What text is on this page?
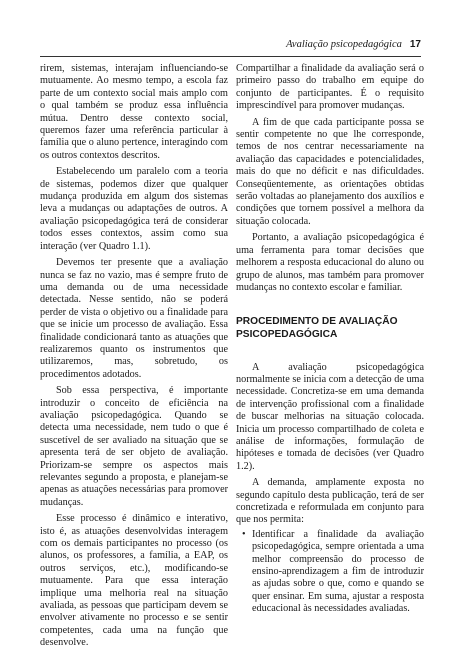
Avaliação psicopedagógica 17

rirem, sistemas, interajam influenciando-se mutuamente. Ao mesmo tempo, a escola faz parte de um contexto social mais amplo com o qual também se produz essa influência mútua. Dentro desse contexto social, queremos fazer uma referência particular à família que o aluno pertence, interagindo com os outros contextos descritos.

Estabelecendo um paralelo com a teoria de sistemas, podemos dizer que qualquer mudança produzida em algum dos sistemas leva a mudanças ou adaptações de outros. A avaliação psicopedagógica terá de considerar todos esses contextos, assim como sua interação (ver Quadro 1.1).

Devemos ter presente que a avaliação nunca se faz no vazio, mas é sempre fruto de uma demanda ou de uma necessidade detectada. Nesse sentido, não se poderá perder de vista o objetivo ou a finalidade para que se inicie um processo de avaliação. Essa finalidade condicionará tanto as atuações que realizaremos quanto os instrumentos que utilizaremos, mas, sobretudo, os procedimentos adotados.

Sob essa perspectiva, é importante introduzir o conceito de eficiência na avaliação psicopedagógica. Quando se detecta uma necessidade, nem tudo o que é suscetível de ser avaliado na situação que se apresenta terá de ser objeto de avaliação. Priorizam-se sempre os aspectos mais relevantes segundo a proposta, e planejam-se apenas as atuações necessárias para promover mudanças.

Esse processo é dinâmico e interativo, isto é, as atuações desenvolvidas interagem com os demais participantes no processo (os alunos, os professores, a família, a EAP, os outros serviços, etc.), modificando-se mutuamente. Para que essa interação implique uma melhoria real na situação avaliada, as pessoas que participam devem se envolver ativamente no processo e se sentir competentes, cada uma na função que desenvolve.

Compartilhar a finalidade da avaliação será o primeiro passo do trabalho em equipe do conjunto de participantes. É o requisito imprescindível para promover mudanças.

A fim de que cada participante possa se sentir competente no que lhe corresponde, temos de nos centrar necessariamente na avaliação das capacidades e potencialidades, mais do que no déficit e nas dificuldades. Conseqüentemente, as orientações obtidas serão voltadas ao planejamento dos auxílios e condições que tornem possível a melhora da situação colocada.

Portanto, a avaliação psicopedagógica é uma ferramenta para tomar decisões que melhorem a resposta educacional do aluno ou grupo de alunos, mas também para promover mudanças no contexto escolar e familiar.

PROCEDIMENTO DE AVALIAÇÃO PSICOPEDAGÓGICA

A avaliação psicopedagógica normalmente se inicia com a detecção de uma necessidade. Concretiza-se em uma demanda de intervenção profissional com a finalidade de buscar melhorias na situação colocada. Inicia um processo compartilhado de coleta e análise de informações, formulação de hipóteses e tomada de decisões (ver Quadro 1.2).

A demanda, amplamente exposta no segundo capítulo desta publicação, terá de ser concretizada e reformulada em conjunto para que nos permita:

• Identificar a finalidade da avaliação psicopedagógica, sempre orientada a uma melhor compreensão do processo de ensino-aprendizagem a fim de introduzir as ajudas sobre o que, como e quando se quer ensinar. Em suma, ajustar a resposta educacional às necessidades avaliadas.
